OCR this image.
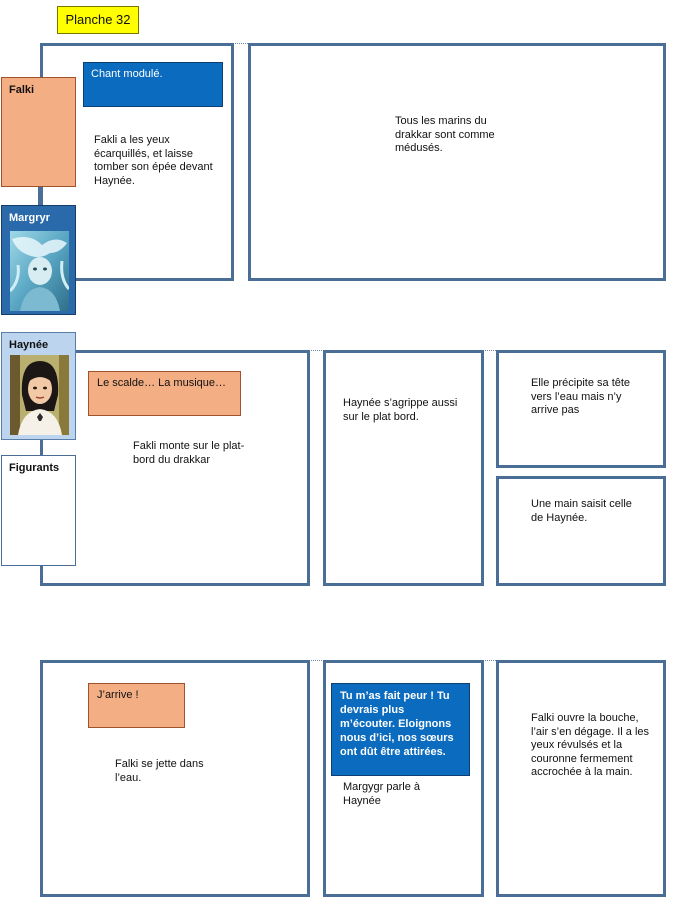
Planche 32
Chant modulé.
Fakli a les yeux écarquillés, et laisse tomber son épée devant Haynée.
Tous les marins du drakkar sont comme médusés.
Falki
Margryr
Le scalde… La musique…
Fakli monte sur le plat-bord du drakkar
Haynée s’agrippe aussi sur le plat bord.
Elle précipite sa tête vers l’eau mais n’y arrive pas
Une main saisit celle de Haynée.
Haynée
Figurants
J’arrive !
Falki se jette dans l’eau.
Tu m’as fait peur ! Tu devrais plus m’écouter. Eloignons nous d’ici, nos sœurs ont dût être attirées.
Margygr parle à Haynée
Falki ouvre la bouche, l’air s’en dégage. Il a les yeux révulsés et la couronne fermement accrochée à la main.
